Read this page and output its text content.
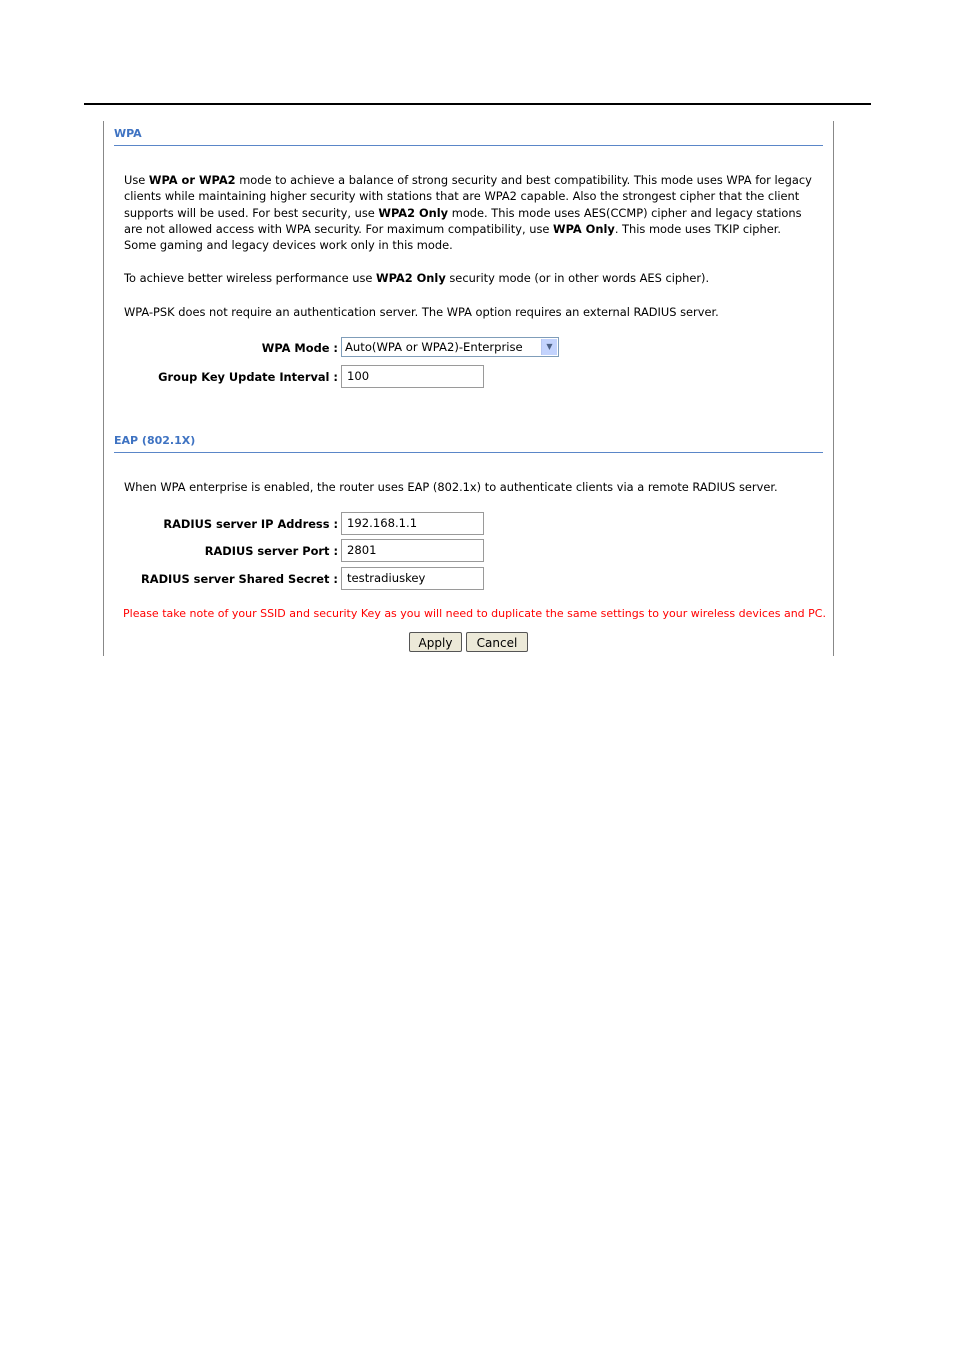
WPA
Use WPA or WPA2 mode to achieve a balance of strong security and best compatibility. This mode uses WPA for legacy clients while maintaining higher security with stations that are WPA2 capable. Also the strongest cipher that the client supports will be used. For best security, use WPA2 Only mode. This mode uses AES(CCMP) cipher and legacy stations are not allowed access with WPA security. For maximum compatibility, use WPA Only. This mode uses TKIP cipher. Some gaming and legacy devices work only in this mode.
To achieve better wireless performance use WPA2 Only security mode (or in other words AES cipher).
WPA-PSK does not require an authentication server. The WPA option requires an external RADIUS server.
WPA Mode : Auto(WPA or WPA2)-Enterprise	▼
Group Key Update Interval : 100
EAP (802.1X)
When WPA enterprise is enabled, the router uses EAP (802.1x) to authenticate clients via a remote RADIUS server.
RADIUS server IP Address : 192.168.1.1
RADIUS server Port : 2801
RADIUS server Shared Secret : testradiuskey
Please take note of your SSID and security Key as you will need to duplicate the same settings to your wireless devices and PC.
Apply	Cancel
